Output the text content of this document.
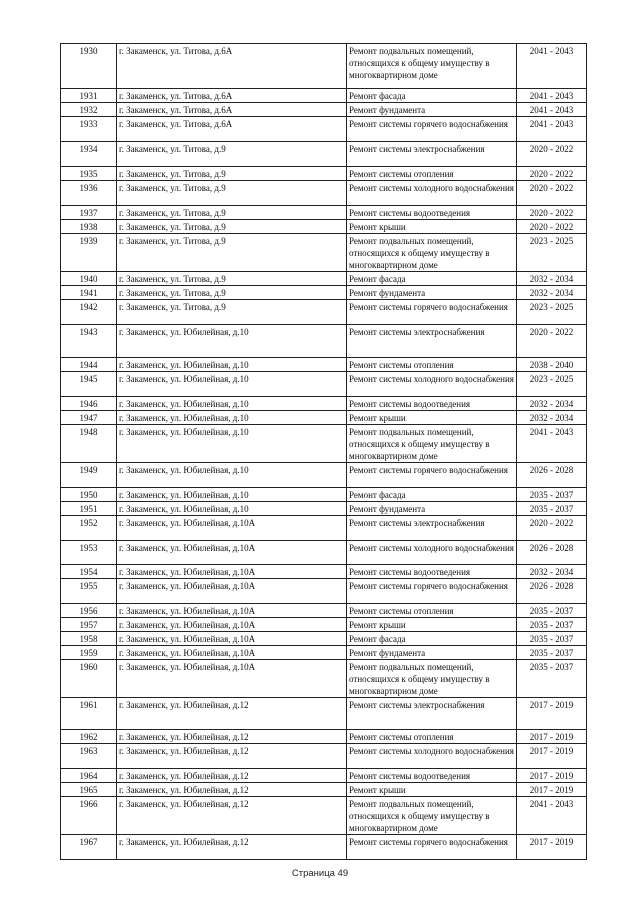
1930	г. Закаменск, ул. Титова, д.6А	Ремонт подвальных помещений, относящихся к общему имуществу в многоквартирном доме	2041 - 2043
1931	г. Закаменск, ул. Титова, д.6А	Ремонт фасада	2041 - 2043
1932	г. Закаменск, ул. Титова, д.6А	Ремонт фундамента	2041 - 2043
1933	г. Закаменск, ул. Титова, д.6А	Ремонт системы горячего водоснабжения	2041 - 2043
1934	г. Закаменск, ул. Титова, д.9	Ремонт системы электроснабжения	2020 - 2022
1935	г. Закаменск, ул. Титова, д.9	Ремонт системы отопления	2020 - 2022
1936	г. Закаменск, ул. Титова, д.9	Ремонт системы холодного водоснабжения	2020 - 2022
1937	г. Закаменск, ул. Титова, д.9	Ремонт системы водоотведения	2020 - 2022
1938	г. Закаменск, ул. Титова, д.9	Ремонт крыши	2020 - 2022
1939	г. Закаменск, ул. Титова, д.9	Ремонт подвальных помещений, относящихся к общему имуществу в многоквартирном доме	2023 - 2025
1940	г. Закаменск, ул. Титова, д.9	Ремонт фасада	2032 - 2034
1941	г. Закаменск, ул. Титова, д.9	Ремонт фундамента	2032 - 2034
1942	г. Закаменск, ул. Титова, д.9	Ремонт системы горячего водоснабжения	2023 - 2025
1943	г. Закаменск, ул. Юбилейная, д.10	Ремонт системы электроснабжения	2020 - 2022
1944	г. Закаменск, ул. Юбилейная, д.10	Ремонт системы отопления	2038 - 2040
1945	г. Закаменск, ул. Юбилейная, д.10	Ремонт системы холодного водоснабжения	2023 - 2025
1946	г. Закаменск, ул. Юбилейная, д.10	Ремонт системы водоотведения	2032 - 2034
1947	г. Закаменск, ул. Юбилейная, д.10	Ремонт крыши	2032 - 2034
1948	г. Закаменск, ул. Юбилейная, д.10	Ремонт подвальных помещений, относящихся к общему имуществу в многоквартирном доме	2041 - 2043
1949	г. Закаменск, ул. Юбилейная, д.10	Ремонт системы горячего водоснабжения	2026 - 2028
1950	г. Закаменск, ул. Юбилейная, д.10	Ремонт фасада	2035 - 2037
1951	г. Закаменск, ул. Юбилейная, д.10	Ремонт фундамента	2035 - 2037
1952	г. Закаменск, ул. Юбилейная, д.10А	Ремонт системы электроснабжения	2020 - 2022
1953	г. Закаменск, ул. Юбилейная, д.10А	Ремонт системы холодного водоснабжения	2026 - 2028
1954	г. Закаменск, ул. Юбилейная, д.10А	Ремонт системы водоотведения	2032 - 2034
1955	г. Закаменск, ул. Юбилейная, д.10А	Ремонт системы горячего водоснабжения	2026 - 2028
1956	г. Закаменск, ул. Юбилейная, д.10А	Ремонт системы отопления	2035 - 2037
1957	г. Закаменск, ул. Юбилейная, д.10А	Ремонт крыши	2035 - 2037
1958	г. Закаменск, ул. Юбилейная, д.10А	Ремонт фасада	2035 - 2037
1959	г. Закаменск, ул. Юбилейная, д.10А	Ремонт фундамента	2035 - 2037
1960	г. Закаменск, ул. Юбилейная, д.10А	Ремонт подвальных помещений, относящихся к общему имуществу в многоквартирном доме	2035 - 2037
1961	г. Закаменск, ул. Юбилейная, д.12	Ремонт системы электроснабжения	2017 - 2019
1962	г. Закаменск, ул. Юбилейная, д.12	Ремонт системы отопления	2017 - 2019
1963	г. Закаменск, ул. Юбилейная, д.12	Ремонт системы холодного водоснабжения	2017 - 2019
1964	г. Закаменск, ул. Юбилейная, д.12	Ремонт системы водоотведения	2017 - 2019
1965	г. Закаменск, ул. Юбилейная, д.12	Ремонт крыши	2017 - 2019
1966	г. Закаменск, ул. Юбилейная, д.12	Ремонт подвальных помещений, относящихся к общему имуществу в многоквартирном доме	2041 - 2043
1967	г. Закаменск, ул. Юбилейная, д.12	Ремонт системы горячего водоснабжения	2017 - 2019
Страница 49
